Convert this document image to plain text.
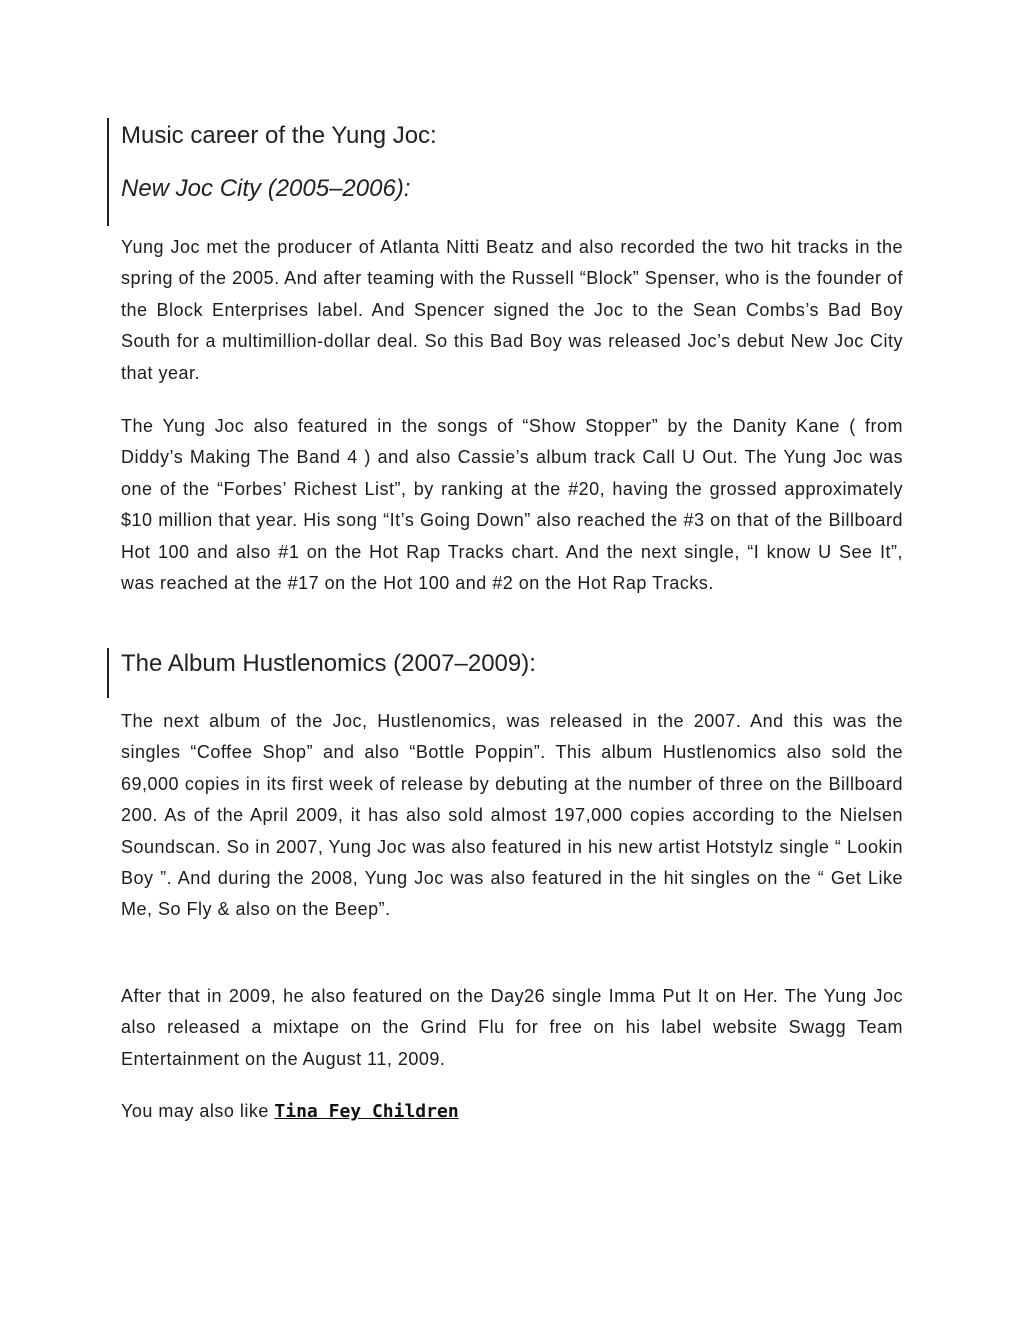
Music career of the Yung Joc:
New Joc City (2005–2006):

Yung Joc met the producer of Atlanta Nitti Beatz and also recorded the two hit tracks in the spring of the 2005. And after teaming with the Russell “Block” Spenser, who is the founder of the Block Enterprises label. And Spencer signed the Joc to the Sean Combs’s Bad Boy South for a multimillion-dollar deal. So this Bad Boy was released Joc’s debut New Joc City that year.

The Yung Joc also featured in the songs of “Show Stopper” by the Danity Kane ( from Diddy’s Making The Band 4 ) and also Cassie’s album track Call U Out. The Yung Joc was one of the “Forbes’ Richest List”, by ranking at the #20, having the grossed approximately $10 million that year. His song “It’s Going Down” also reached the #3 on that of the Billboard Hot 100 and also #1 on the Hot Rap Tracks chart. And the next single, “I know U See It”, was reached at the #17 on the Hot 100 and #2 on the Hot Rap Tracks.

The Album Hustlenomics (2007–2009):

The next album of the Joc, Hustlenomics, was released in the 2007. And this was the singles “Coffee Shop” and also “Bottle Poppin”. This album Hustlenomics also sold the 69,000 copies in its first week of release by debuting at the number of three on the Billboard 200. As of the April 2009, it has also sold almost 197,000 copies according to the Nielsen Soundscan. So in 2007, Yung Joc was also featured in his new artist Hotstylz single “ Lookin Boy ”. And during the 2008, Yung Joc was also featured in the hit singles on the “ Get Like Me, So Fly & also on the Beep”.

After that in 2009, he also featured on the Day26 single Imma Put It on Her. The Yung Joc also released a mixtape on the Grind Flu for free on his label website Swagg Team Entertainment on the August 11, 2009.

You may also like Tina Fey Children
